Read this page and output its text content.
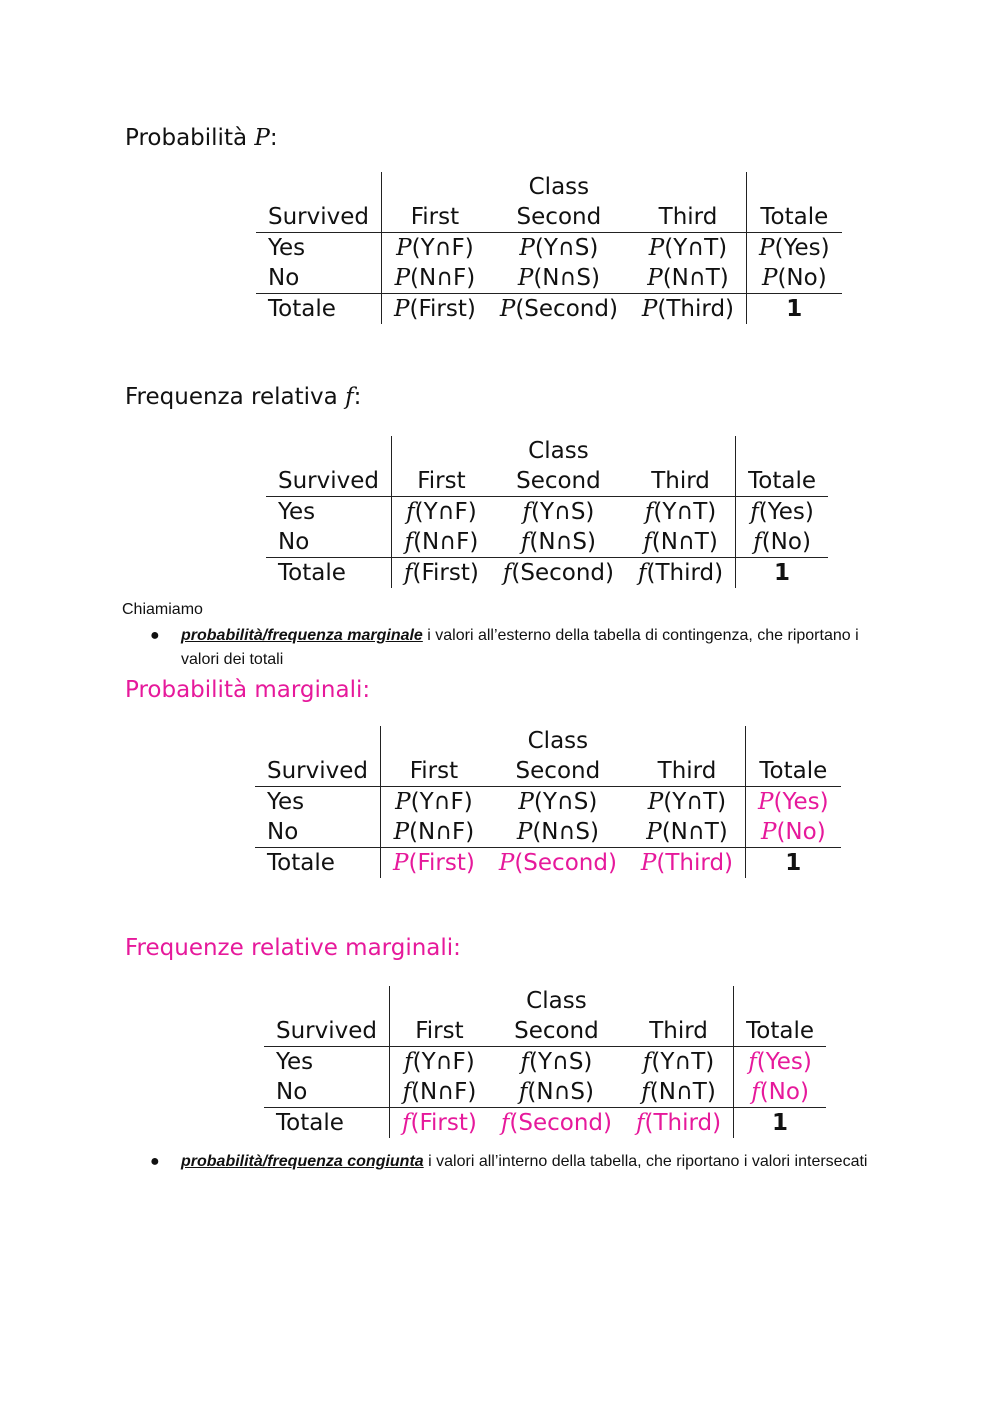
Probabilità P:
		Class		
Survived	First	Second	Third	Totale
Yes	P(Y∩F)	P(Y∩S)	P(Y∩T)	P(Yes)
No	P(N∩F)	P(N∩S)	P(N∩T)	P(No)
Totale	P(First)	P(Second)	P(Third)	1
Frequenza relativa f:
		Class		
Survived	First	Second	Third	Totale
Yes	f(Y∩F)	f(Y∩S)	f(Y∩T)	f(Yes)
No	f(N∩F)	f(N∩S)	f(N∩T)	f(No)
Totale	f(First)	f(Second)	f(Third)	1

Chiamiamo

● probabilità/frequenza marginale i valori all’esterno della tabella di contingenza, che riportano i valori dei totali
Probabilità marginali:
		Class		
Survived	First	Second	Third	Totale
Yes	P(Y∩F)	P(Y∩S)	P(Y∩T)	P(Yes)
No	P(N∩F)	P(N∩S)	P(N∩T)	P(No)
Totale	P(First)	P(Second)	P(Third)	1
Frequenze relative marginali:
		Class		
Survived	First	Second	Third	Totale
Yes	f(Y∩F)	f(Y∩S)	f(Y∩T)	f(Yes)
No	f(N∩F)	f(N∩S)	f(N∩T)	f(No)
Totale	f(First)	f(Second)	f(Third)	1
● probabilità/frequenza congiunta i valori all’interno della tabella, che riportano i valori intersecati
